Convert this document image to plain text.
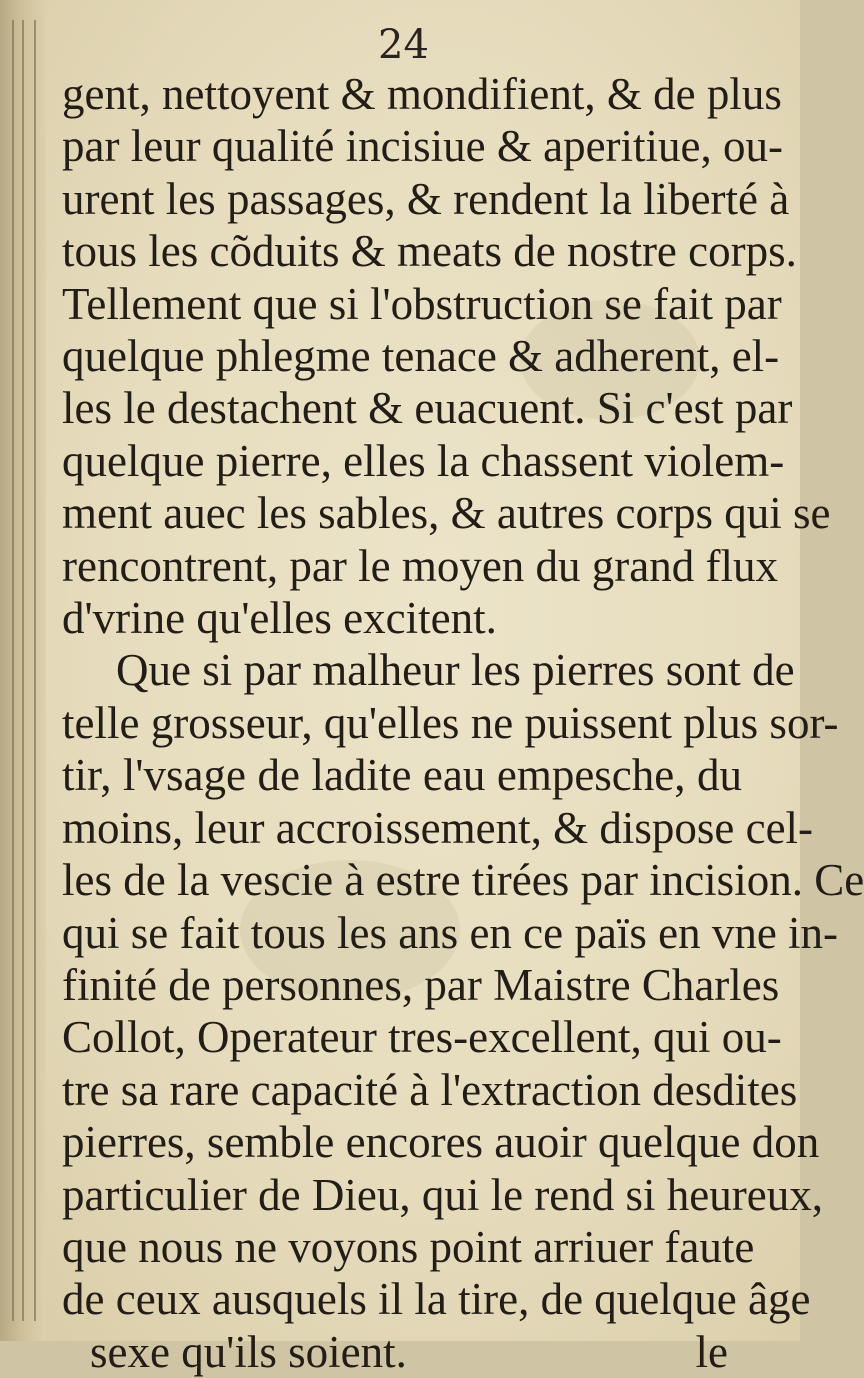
24
gent, nettoyent & mondifient, & de plus
par leur qualité incisiue & aperitiue, ou-
urent les passages, & rendent la liberté à
tous les cõduits & meats de nostre corps.
Tellement que si l'obstruction se fait par
quelque phlegme tenace & adherent, el-
les le destachent & euacuent. Si c'est par
quelque pierre, elles la chassent violem-
ment auec les sables, & autres corps qui se
rencontrent, par le moyen du grand flux
d'vrine qu'elles excitent.
Que si par malheur les pierres sont de
telle grosseur, qu'elles ne puissent plus sor-
tir, l'vsage de ladite eau empesche, du
moins, leur accroissement, & dispose cel-
les de la vescie à estre tirées par incision. Ce
qui se fait tous les ans en ce païs en vne in-
finité de personnes, par Maistre Charles
Collot, Operateur tres-excellent, qui ou-
tre sa rare capacité à l'extraction desdites
pierres, semble encores auoir quelque don
particulier de Dieu, qui le rend si heureux,
que nous ne voyons point arriuer faute
de ceux ausquels il la tire, de quelque âge
sexe qu'ils soient.	le
